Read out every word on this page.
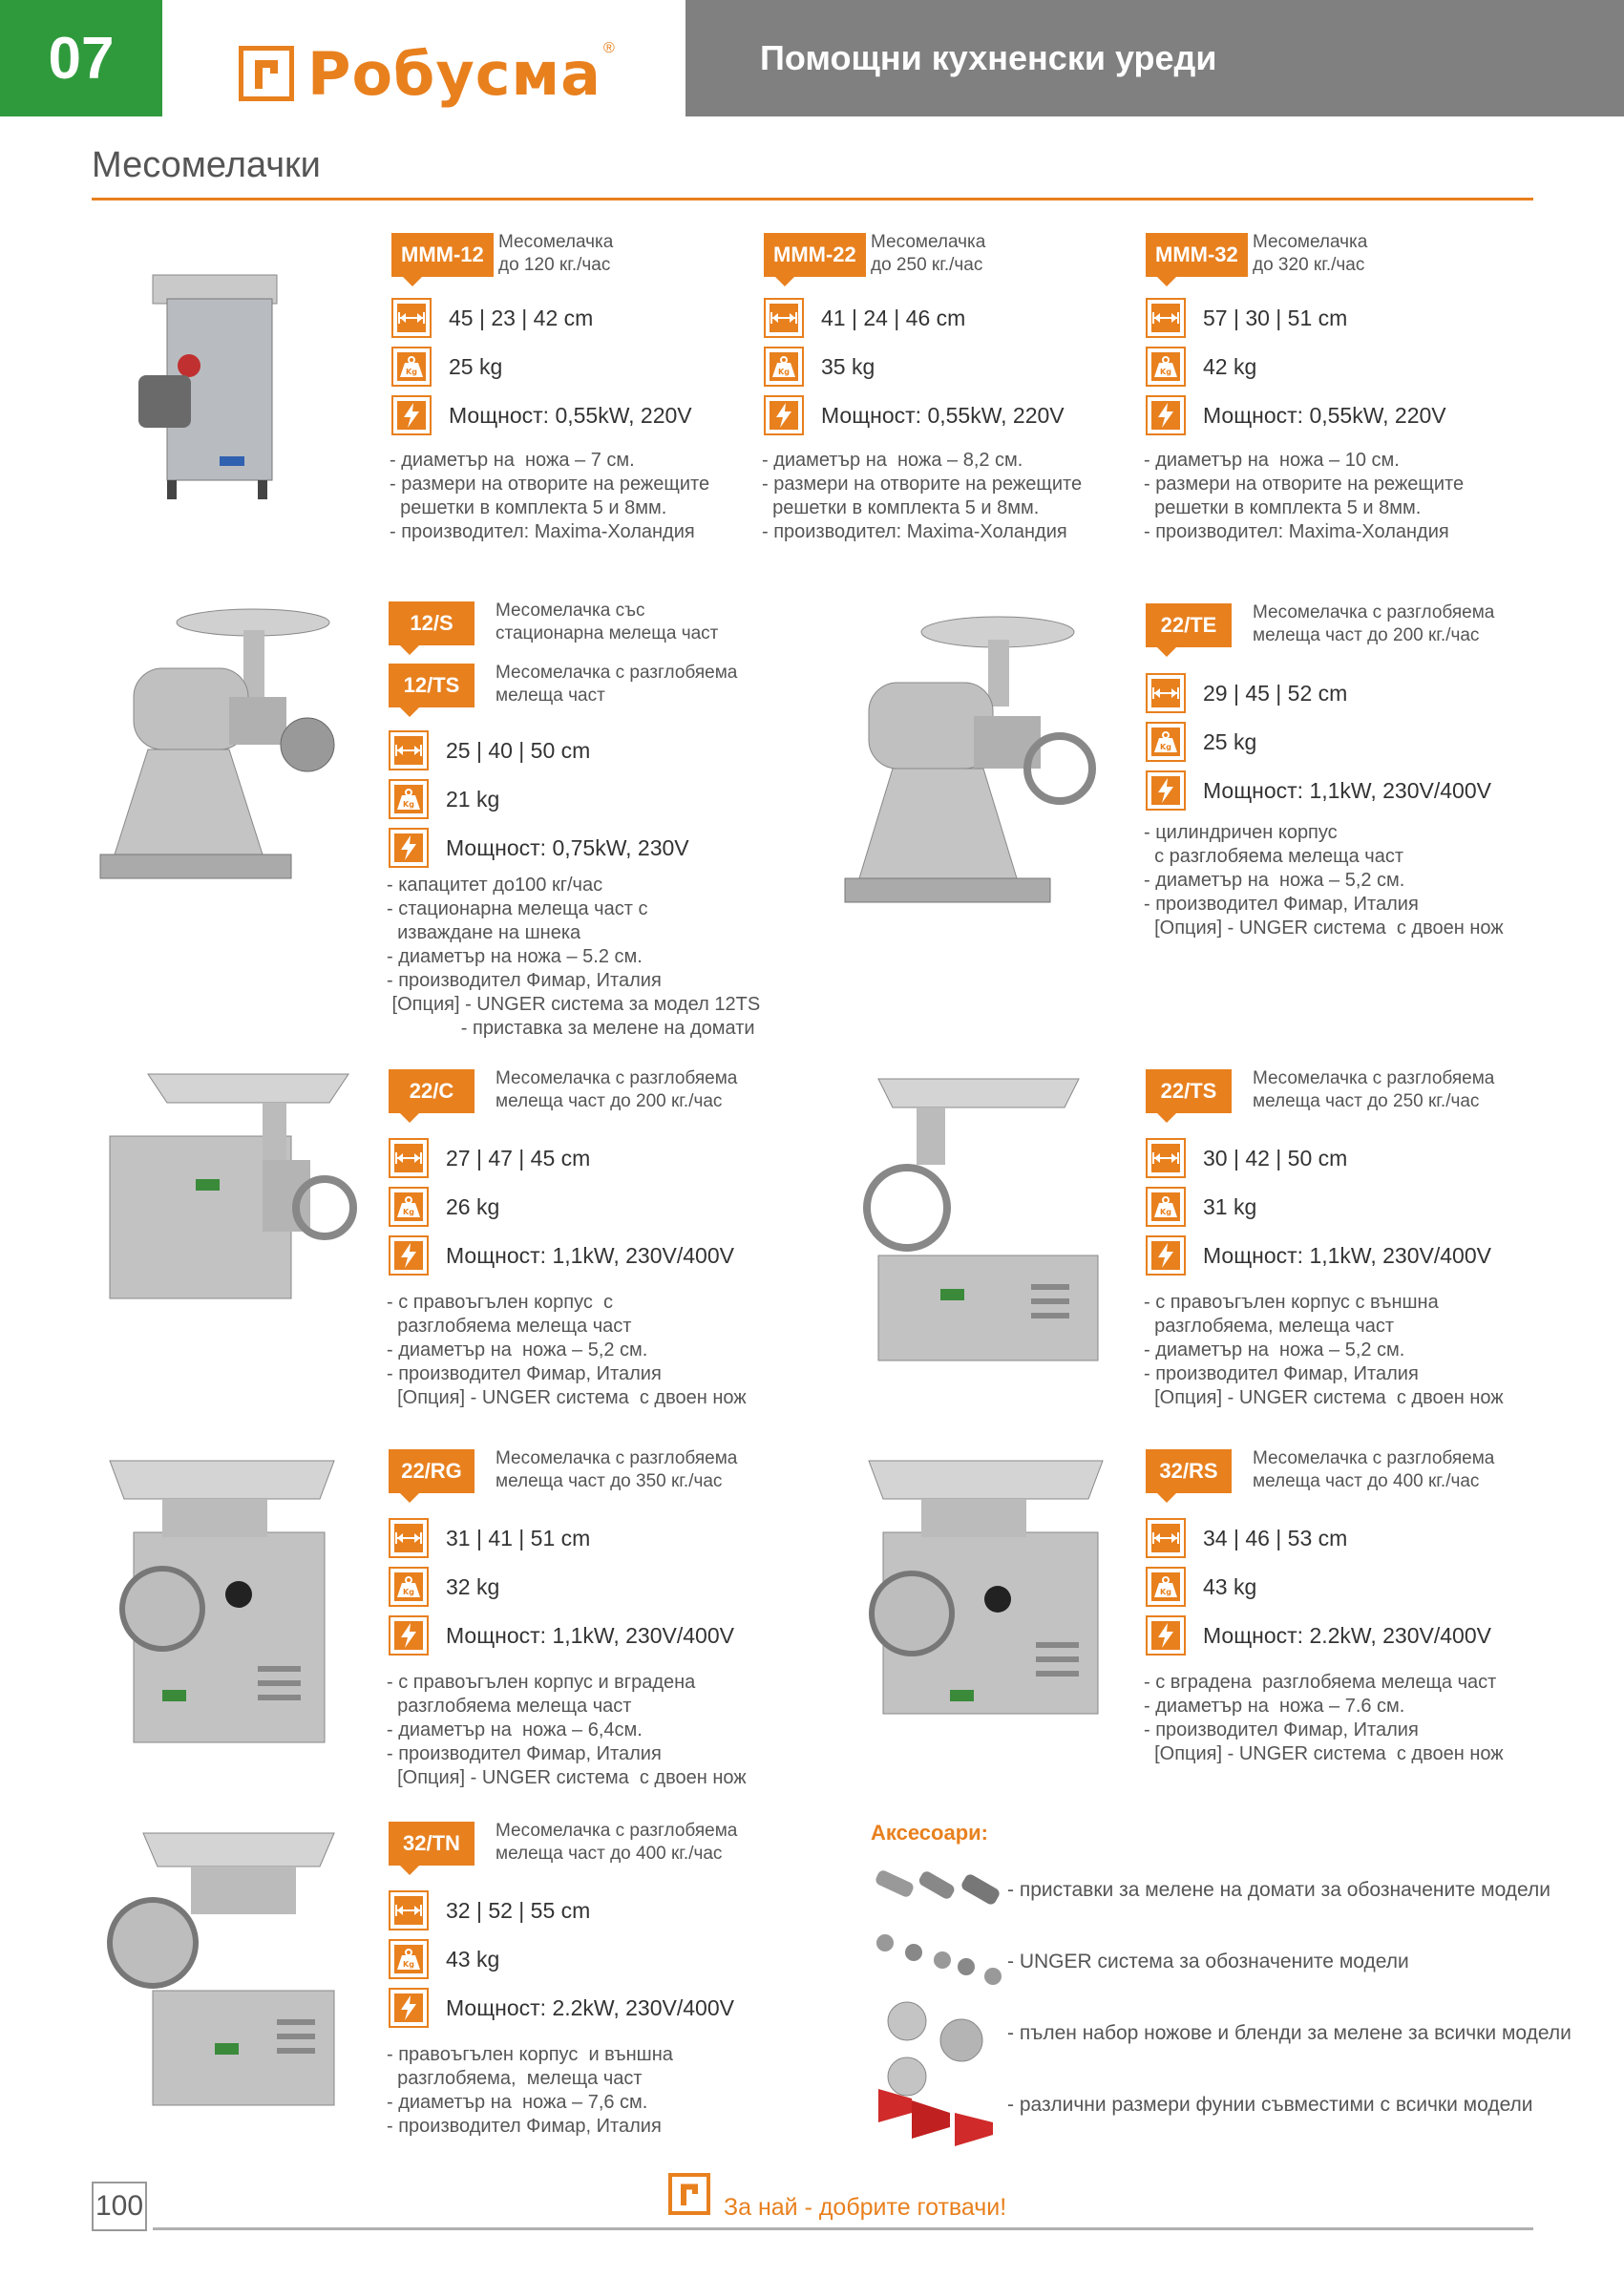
07	Робусма ®	Помощни кухненски уреди
Месомелачки
MMM-12
Месомелачка
до 120 кг./час
45 | 23 | 42 cm
Kg 25 kg
Мощност: 0,55kW, 220V
- диаметър на  ножа – 7 см.
- размери на отворите на режещите
решетки в комплекта 5 и 8мм.
- производител: Maxima-Холандия
MMM-22
Месомелачка
до 250 кг./час
41 | 24 | 46 cm
Kg 35 kg
Мощност: 0,55kW, 220V
- диаметър на  ножа – 8,2 см.
- размери на отворите на режещите
решетки в комплекта 5 и 8мм.
- производител: Maxima-Холандия
MMM-32
Месомелачка
до 320 кг./час
57 | 30 | 51 cm
Kg 42 kg
Мощност: 0,55kW, 220V
- диаметър на  ножа – 10 см.
- размери на отворите на режещите
решетки в комплекта 5 и 8мм.
- производител: Maxima-Холандия
12/S
Месомелачка със
стационарна мелеща част
12/TS
Месомелачка с разглобяема
мелеща част
25 | 40 | 50 cm
Kg 21 kg
Мощност: 0,75kW, 230V
- капацитет до100 кг/час
- стационарна мелеща част с
изваждане на шнека
- диаметър на ножа – 5.2 см.
- производител Фимар, Италия
[Опция] - UNGER система за модел 12TS
- приставка за мелене на домати
22/TE
Месомелачка с разглобяема
мелеща част до 200 кг./час
29 | 45 | 52 cm
Kg 25 kg
Мощност: 1,1kW, 230V/400V
- цилиндричен корпус
с разглобяема мелеща част
- диаметър на  ножа – 5,2 см.
- производител Фимар, Италия
[Опция] - UNGER система  с двоен нож
22/C
Месомелачка с разглобяема
мелеща част до 200 кг./час
27 | 47 | 45 cm
Kg 26 kg
Мощност: 1,1kW, 230V/400V
- с правоъгълен корпус  с
разглобяема мелеща част
- диаметър на  ножа – 5,2 см.
- производител Фимар, Италия
[Опция] - UNGER система  с двоен нож
22/TS
Месомелачка с разглобяема
мелеща част до 250 кг./час
30 | 42 | 50 cm
Kg 31 kg
Мощност: 1,1kW, 230V/400V
- с правоъгълен корпус с външна
разглобяема, мелеща част
- диаметър на  ножа – 5,2 см.
- производител Фимар, Италия
[Опция] - UNGER система  с двоен нож
22/RG
Месомелачка с разглобяема
мелеща част до 350 кг./час
31 | 41 | 51 cm
Kg 32 kg
Мощност: 1,1kW, 230V/400V
- с правоъгълен корпус и вградена
разглобяема мелеща част
- диаметър на  ножа – 6,4см.
- производител Фимар, Италия
[Опция] - UNGER система  с двоен нож
32/RS
Месомелачка с разглобяема
мелеща част до 400 кг./час
34 | 46 | 53 cm
Kg 43 kg
Мощност: 2.2kW, 230V/400V
- с вградена  разглобяема мелеща част
- диаметър на  ножа – 7.6 см.
- производител Фимар, Италия
[Опция] - UNGER система  с двоен нож
32/TN
Месомелачка с разглобяема
мелеща част до 400 кг./час
32 | 52 | 55 cm
Kg 43 kg
Мощност: 2.2kW, 230V/400V
- правоъгълен корпус  и външна
разглобяема,  мелеща част
- диаметър на  ножа – 7,6 см.
- производител Фимар, Италия
Аксесоари:
- приставки за мелене на домати за обозначените модели
- UNGER система за обозначените модели
- пълен набор ножове и бленди за мелене за всички модели
- различни размери фунии съвместими с всички модели
100	За най - добрите готвачи!
